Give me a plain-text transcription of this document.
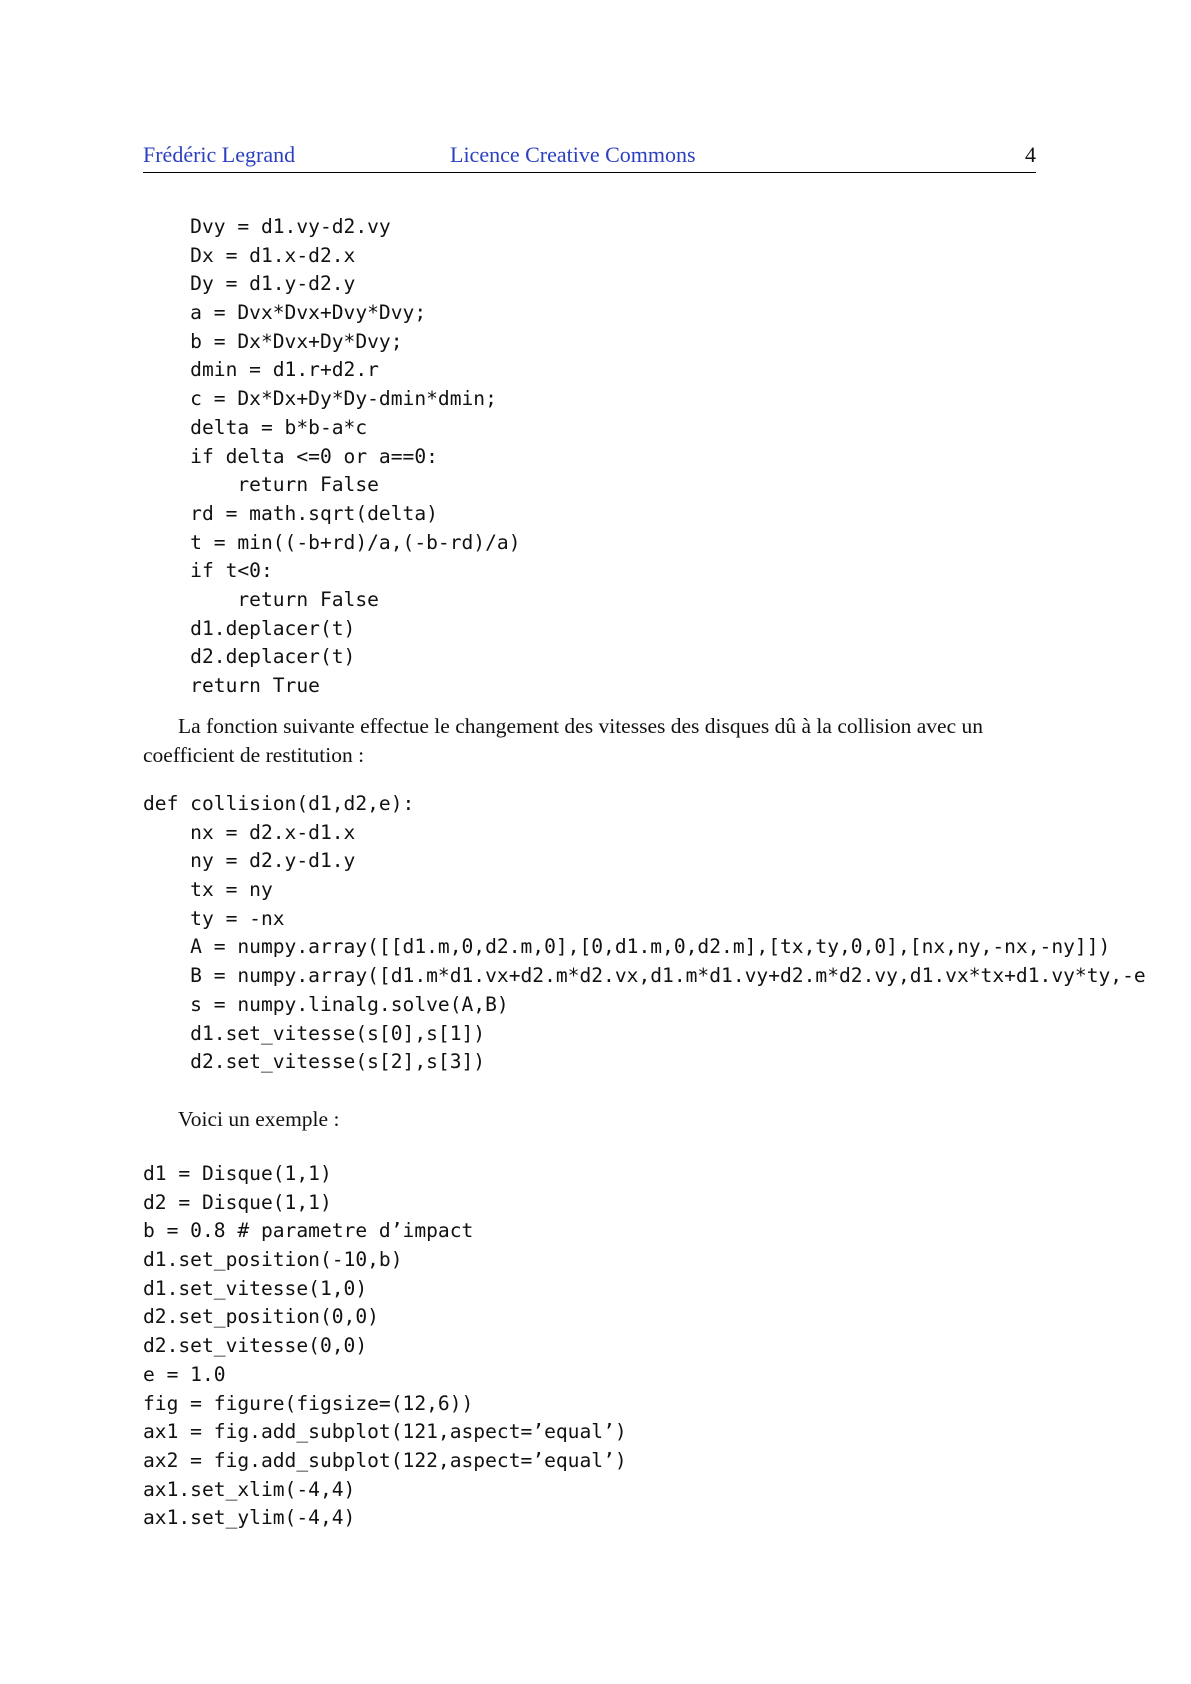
Frédéric Legrand	Licence Creative Commons	4
Dvy = d1.vy-d2.vy
Dx = d1.x-d2.x
Dy = d1.y-d2.y
a = Dvx*Dvx+Dvy*Dvy;
b = Dx*Dvx+Dy*Dvy;
dmin = d1.r+d2.r
c = Dx*Dx+Dy*Dy-dmin*dmin;
delta = b*b-a*c
if delta <=0 or a==0:
return False
rd = math.sqrt(delta)
t = min((-b+rd)/a,(-b-rd)/a)
if t<0:
return False
d1.deplacer(t)
d2.deplacer(t)
return True
La fonction suivante effectue le changement des vitesses des disques dû à la collision avec un coefficient de restitution :
def collision(d1,d2,e):
nx = d2.x-d1.x
ny = d2.y-d1.y
tx = ny
ty = -nx
A = numpy.array([[d1.m,0,d2.m,0],[0,d1.m,0,d2.m],[tx,ty,0,0],[nx,ny,-nx,-ny]])
B = numpy.array([d1.m*d1.vx+d2.m*d2.vx,d1.m*d1.vy+d2.m*d2.vy,d1.vx*tx+d1.vy*ty,-e
s = numpy.linalg.solve(A,B)
d1.set_vitesse(s[0],s[1])
d2.set_vitesse(s[2],s[3])
Voici un exemple :
d1 = Disque(1,1)
d2 = Disque(1,1)
b = 0.8 # parametre d’impact
d1.set_position(-10,b)
d1.set_vitesse(1,0)
d2.set_position(0,0)
d2.set_vitesse(0,0)
e = 1.0
fig = figure(figsize=(12,6))
ax1 = fig.add_subplot(121,aspect=’equal’)
ax2 = fig.add_subplot(122,aspect=’equal’)
ax1.set_xlim(-4,4)
ax1.set_ylim(-4,4)
